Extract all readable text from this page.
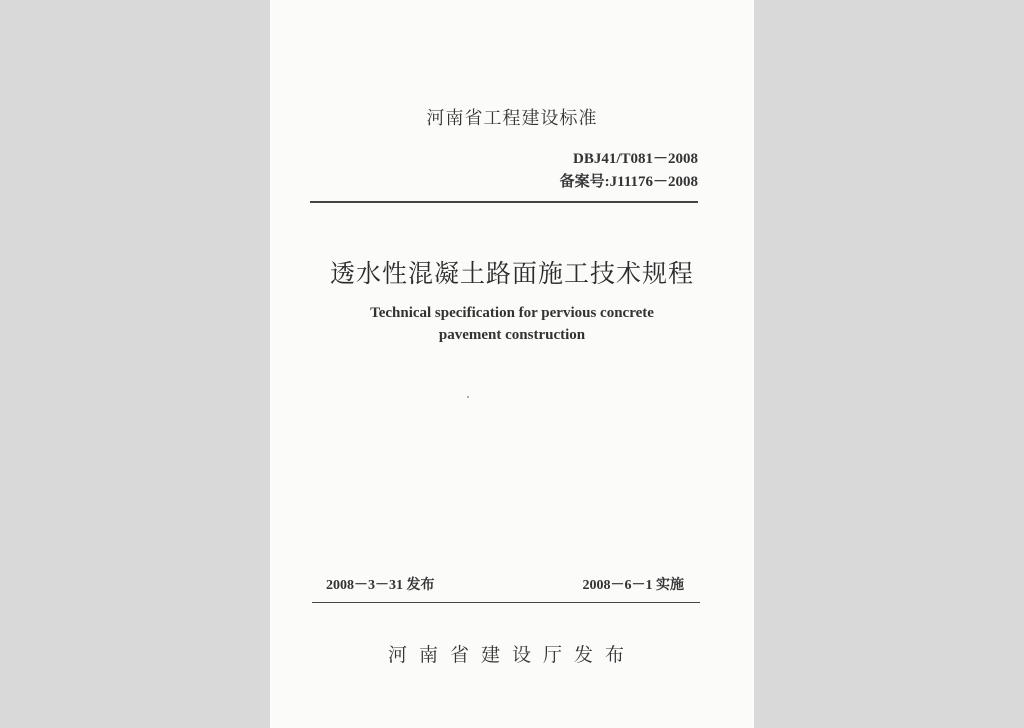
河南省工程建设标准
DBJ41/T081－2008
备案号:J11176－2008
透水性混凝土路面施工技术规程
Technical specification for pervious concrete
pavement construction
2008－3－31 发布	2008－6－1 实施
河南省建设厅发布
